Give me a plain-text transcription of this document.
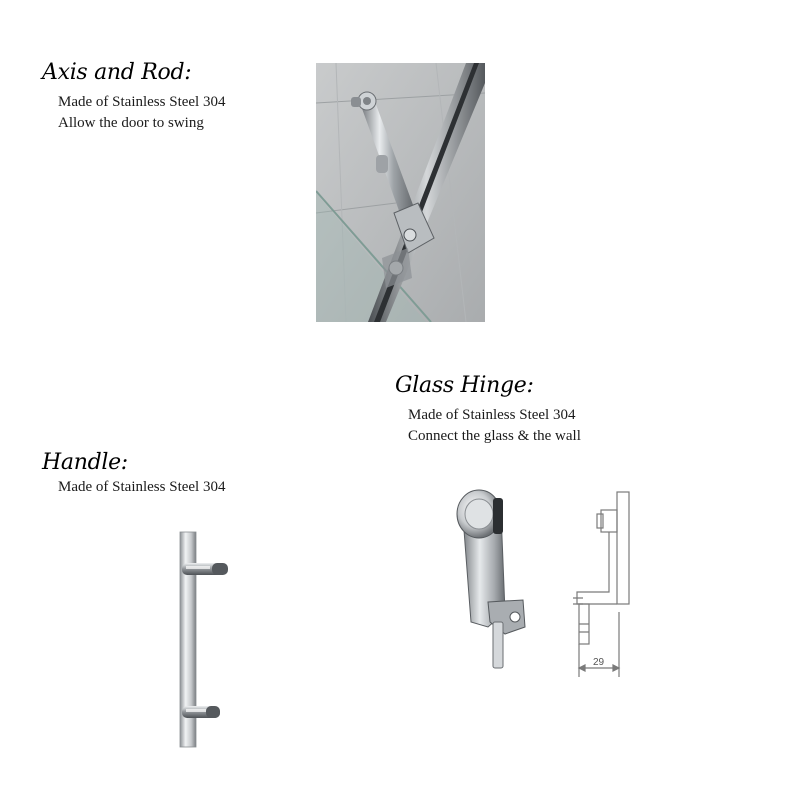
Axis and Rod:
Made of Stainless Steel 304
Allow the door to swing
Glass Hinge:
Made of Stainless Steel 304
Connect the glass & the wall
29
Handle:
Made of Stainless Steel 304
